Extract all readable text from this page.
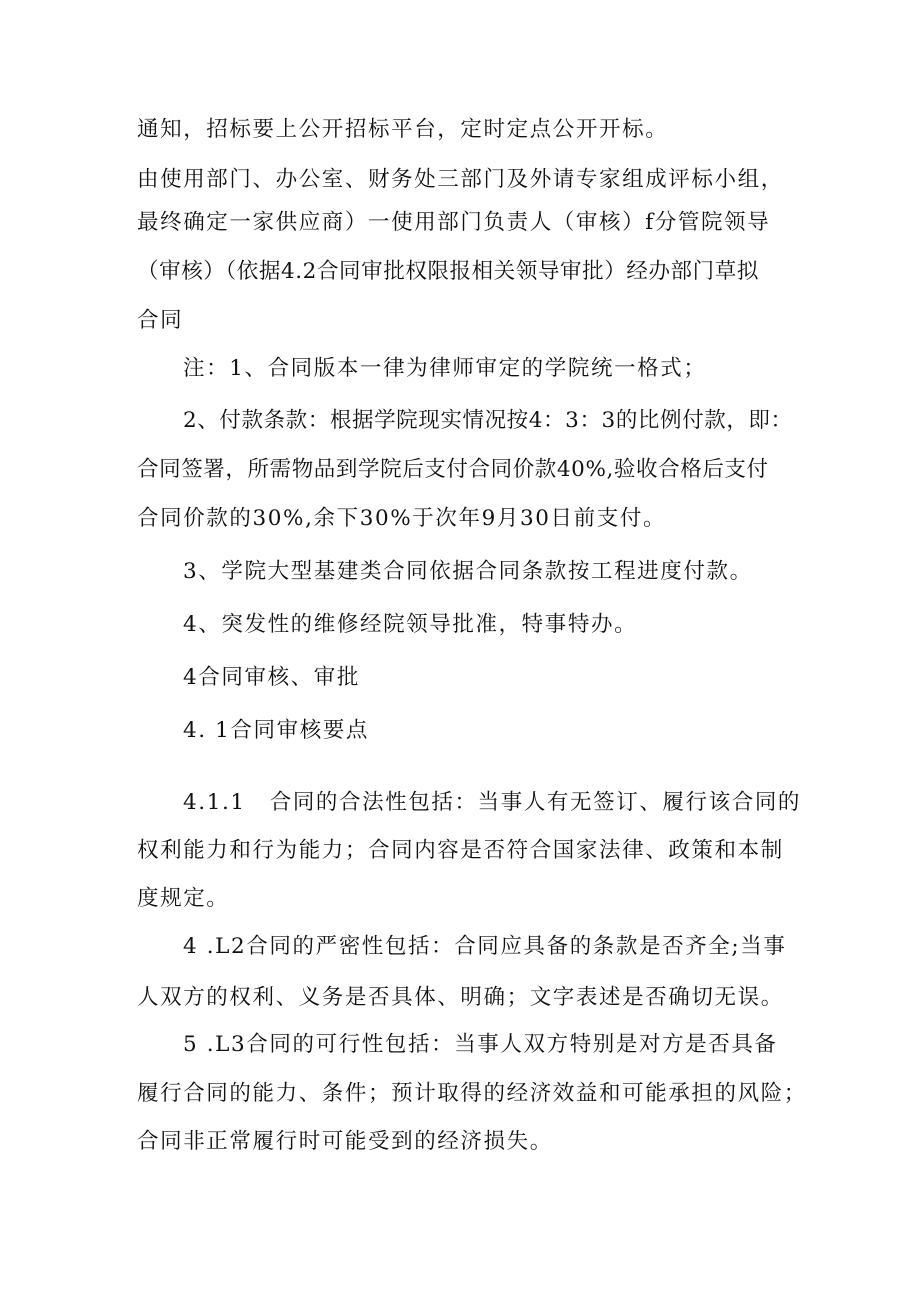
通知，招标要上公开招标平台，定时定点公开开标。
由使用部门、办公室、财务处三部门及外请专家组成评标小组，
最终确定一家供应商）一使用部门负责人（审核）f分管院领导
（审核）（依据4.2合同审批权限报相关领导审批）经办部门草拟
合同
注：1、合同版本一律为律师审定的学院统一格式；
2、付款条款：根据学院现实情况按4：3：3的比例付款，即：
合同签署，所需物品到学院后支付合同价款40%,验收合格后支付
合同价款的30%,余下30%于次年9月30日前支付。
3、学院大型基建类合同依据合同条款按工程进度付款。
4、突发性的维修经院领导批准，特事特办。
4合同审核、审批
4. 1合同审核要点
4.1.1 合同的合法性包括：当事人有无签订、履行该合同的
权利能力和行为能力；合同内容是否符合国家法律、政策和本制
度规定。
4 .L2合同的严密性包括：合同应具备的条款是否齐全;当事
人双方的权利、义务是否具体、明确；文字表述是否确切无误。
5 .L3合同的可行性包括：当事人双方特别是对方是否具备
履行合同的能力、条件；预计取得的经济效益和可能承担的风险；
合同非正常履行时可能受到的经济损失。
